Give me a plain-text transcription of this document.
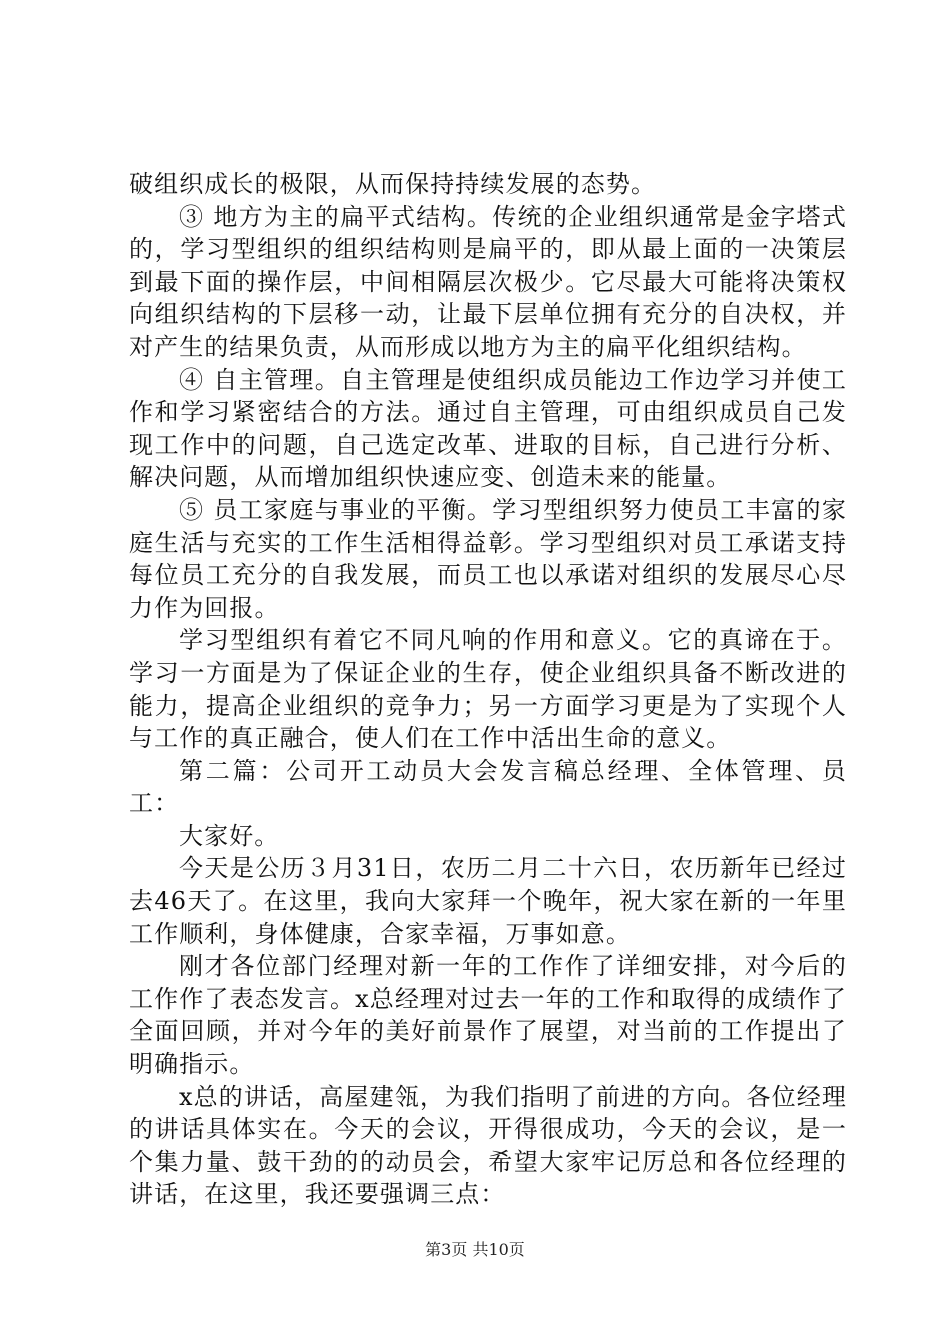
破组织成长的极限，从而保持持续发展的态势。

③ 地方为主的扁平式结构。传统的企业组织通常是金字塔式的，学习型组织的组织结构则是扁平的，即从最上面的一决策层到最下面的操作层，中间相隔层次极少。它尽最大可能将决策权向组织结构的下层移一动，让最下层单位拥有充分的自决权，并对产生的结果负责，从而形成以地方为主的扁平化组织结构。

④ 自主管理。自主管理是使组织成员能边工作边学习并使工作和学习紧密结合的方法。通过自主管理，可由组织成员自己发现工作中的问题，自己选定改革、进取的目标，自己进行分析、解决问题，从而增加组织快速应变、创造未来的能量。

⑤ 员工家庭与事业的平衡。学习型组织努力使员工丰富的家庭生活与充实的工作生活相得益彰。学习型组织对员工承诺支持每位员工充分的自我发展，而员工也以承诺对组织的发展尽心尽力作为回报。

学习型组织有着它不同凡响的作用和意义。它的真谛在于。学习一方面是为了保证企业的生存，使企业组织具备不断改进的能力，提高企业组织的竞争力；另一方面学习更是为了实现个人与工作的真正融合，使人们在工作中活出生命的意义。

第二篇：公司开工动员大会发言稿总经理、全体管理、员工：

大家好。

今天是公历３月31日，农历二月二十六日，农历新年已经过去46天了。在这里，我向大家拜一个晚年，祝大家在新的一年里工作顺利，身体健康，合家幸福，万事如意。

刚才各位部门经理对新一年的工作作了详细安排，对今后的工作作了表态发言。x总经理对过去一年的工作和取得的成绩作了全面回顾，并对今年的美好前景作了展望，对当前的工作提出了明确指示。

x总的讲话，高屋建瓴，为我们指明了前进的方向。各位经理的讲话具体实在。今天的会议，开得很成功，今天的会议，是一个集力量、鼓干劲的的动员会，希望大家牢记厉总和各位经理的讲话，在这里，我还要强调三点：

第3页 共10页
